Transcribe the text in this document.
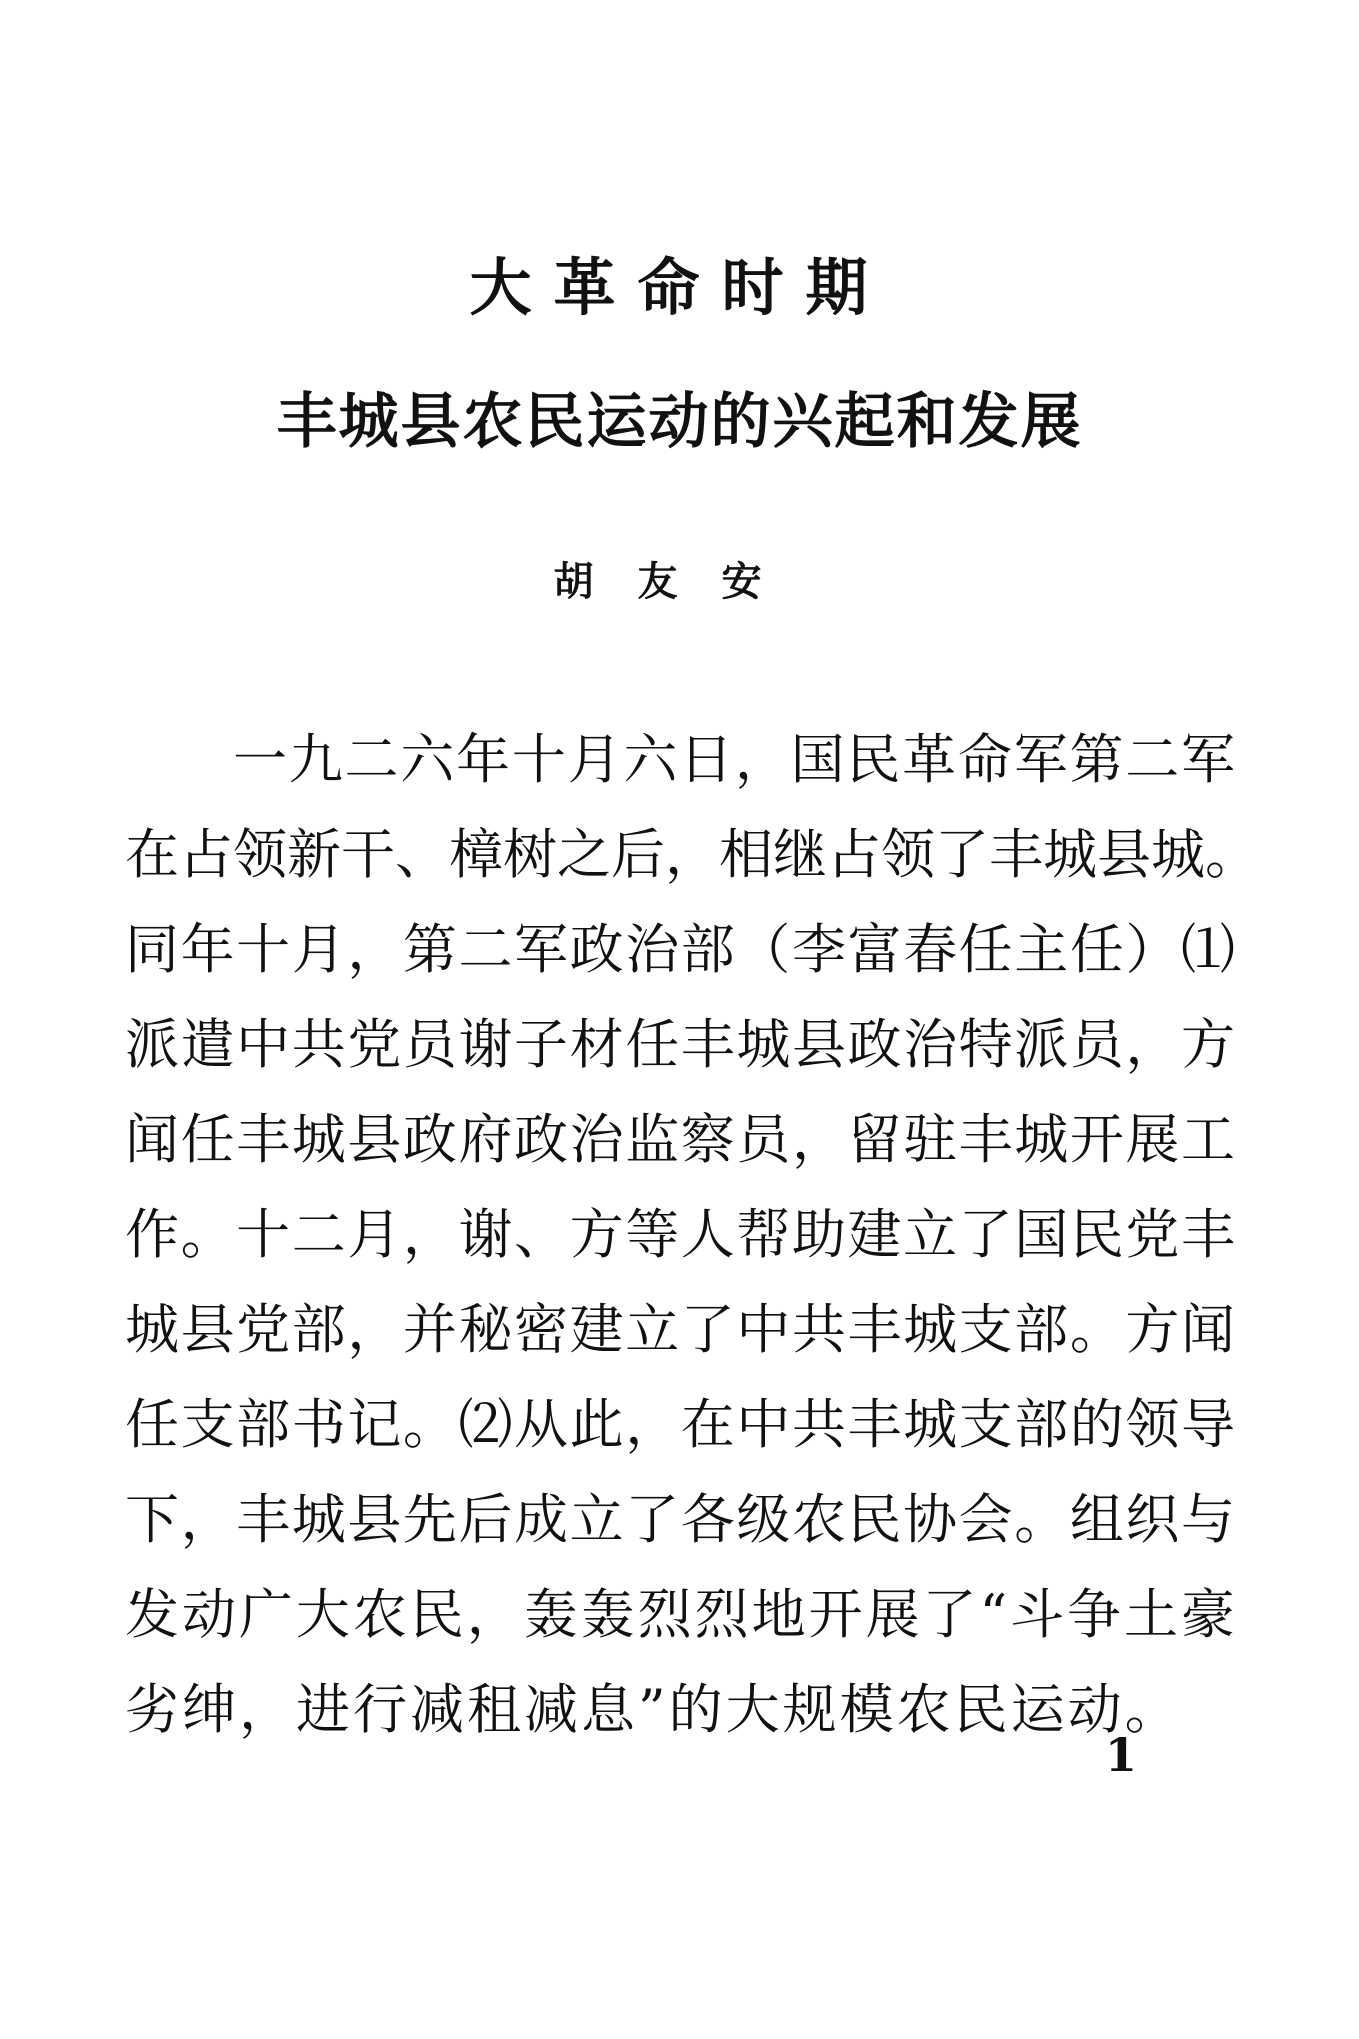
大革命时期
丰城县农民运动的兴起和发展
胡友安
一九二六年十月六日，国民革命军第二军
在占领新干、樟树之后，相继占领了丰城县城。
同年十月，第二军政治部（李富春任主任）⑴
派遣中共党员谢子材任丰城县政治特派员，方
闻任丰城县政府政治监察员，留驻丰城开展工
作。十二月，谢、方等人帮助建立了国民党丰
城县党部，并秘密建立了中共丰城支部。方闻
任支部书记。⑵从此，在中共丰城支部的领导
下，丰城县先后成立了各级农民协会。组织与
发动广大农民，轰轰烈烈地开展了“斗争土豪
劣绅，进行减租减息”的大规模农民运动。
1
